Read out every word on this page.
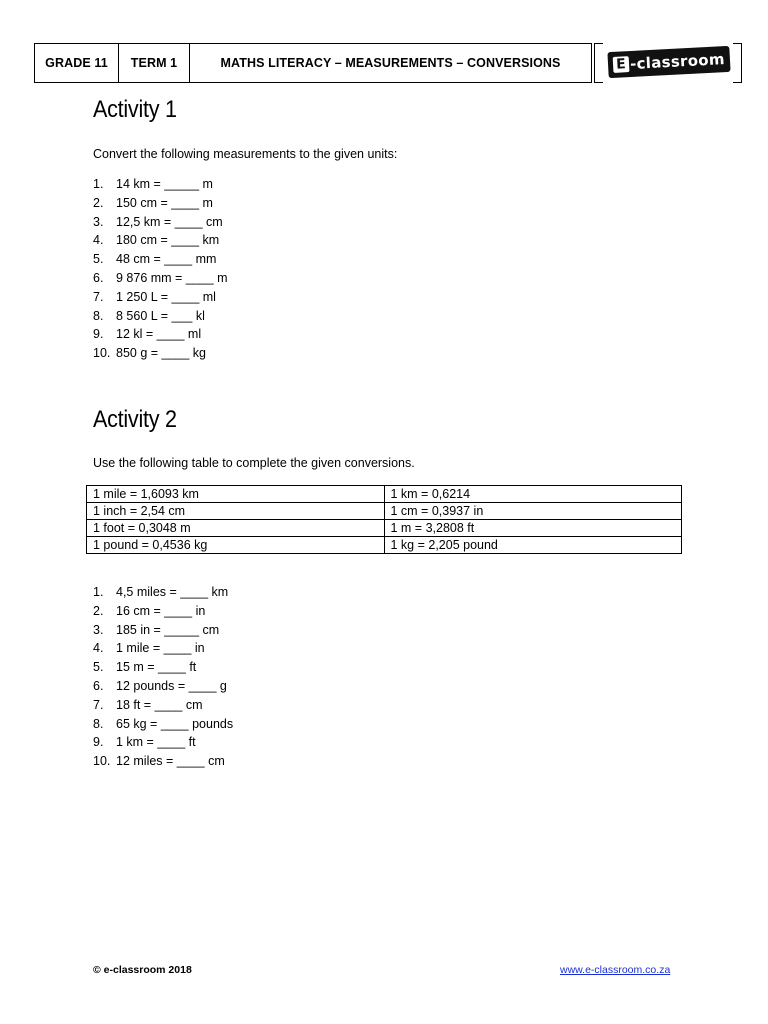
GRADE 11	TERM 1	MATHS LITERACY – MEASUREMENTS – CONVERSIONS	E -classroom
Activity 1

Convert the following measurements to the given units:

1.	14 km = _____ m
2.	150 cm = ____ m
3.	12,5 km = ____ cm
4.	180 cm = ____ km
5.	48 cm = ____ mm
6.	9 876 mm = ____ m
7.	1 250 L = ____ ml
8.	8 560 L = ___ kl
9.	12 kl = ____ ml
10. 850 g = ____ kg
Activity 2

Use the following table to complete the given conversions.

1.	4,5 miles = ____ km
2.	16 cm = ____ in
3.	185 in = _____ cm
4.	1 mile = ____ in
5.	15 m = ____ ft
6.	12 pounds = ____ g
7.	18 ft = ____ cm
8.	65 kg = ____ pounds
9.	1 km = ____ ft
10. 12 miles = ____ cm
1 mile = 1,6093 km	1 km = 0,6214
1 inch = 2,54 cm	1 cm = 0,3937 in
1 foot = 0,3048 m	1 m = 3,2808 ft
1 pound = 0,4536 kg	1 kg = 2,205 pound
© e-classroom 2018	www.e-classroom.co.za
